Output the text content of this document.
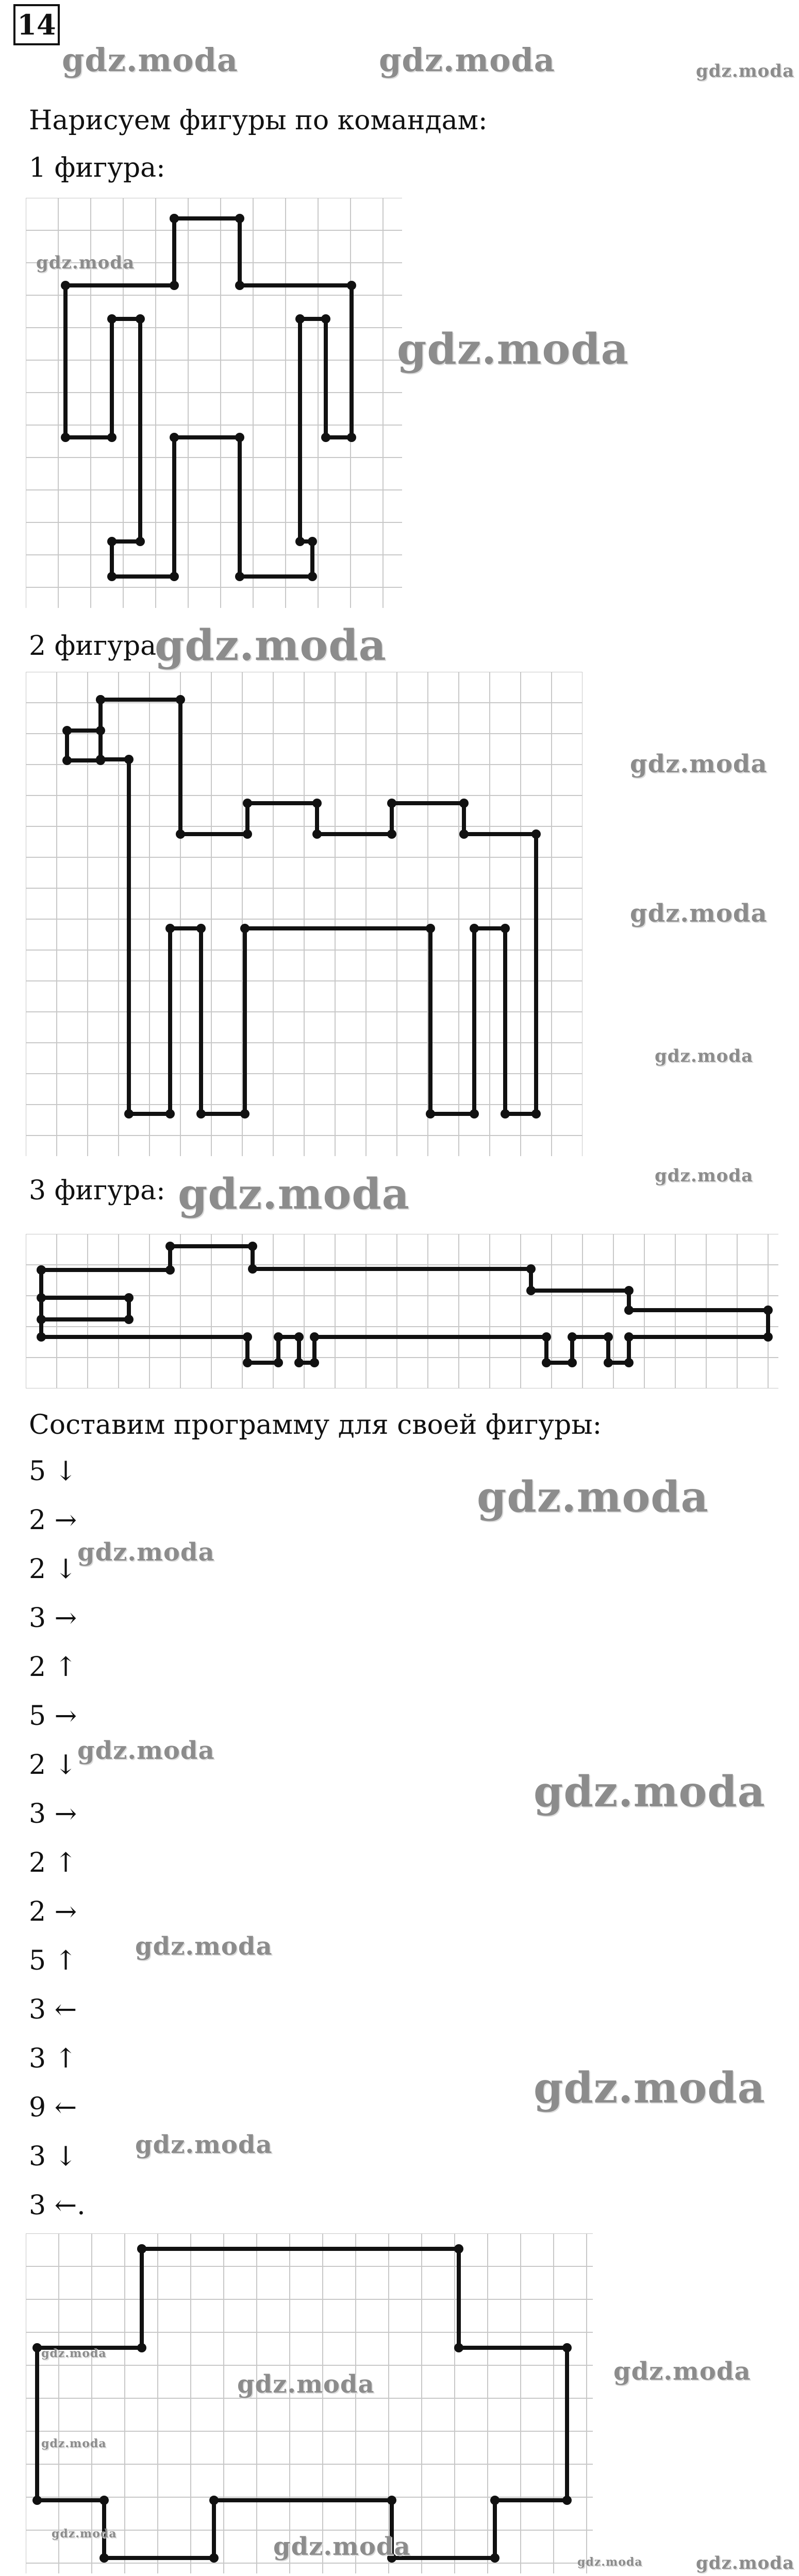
14
gdz.moda	gdz.moda	gdz.moda
Нарисуем фигуры по командам:
1 фигура:
gdz.moda
gdz.moda
2 фигура:
gdz.moda
gdz.moda
gdz.moda
gdz.moda
3 фигура: gdz.moda	gdz.moda
Составим программу для своей фигуры:
5 ↓
2 →
2 ↓
3 →
2 ↑
5 →
2 ↓
3 →
2 ↑
2 →
5 ↑
3 ←
3 ↑
9 ←
3 ↓
3 ←.
gdz.moda
gdz.moda
gdz.moda
gdz.moda
gdz.moda
gdz.moda
gdz.moda
gdz.moda
gdz.moda
gdz.moda
gdz.moda
gdz.moda
gdz.moda
gdz.moda	gdz.moda
